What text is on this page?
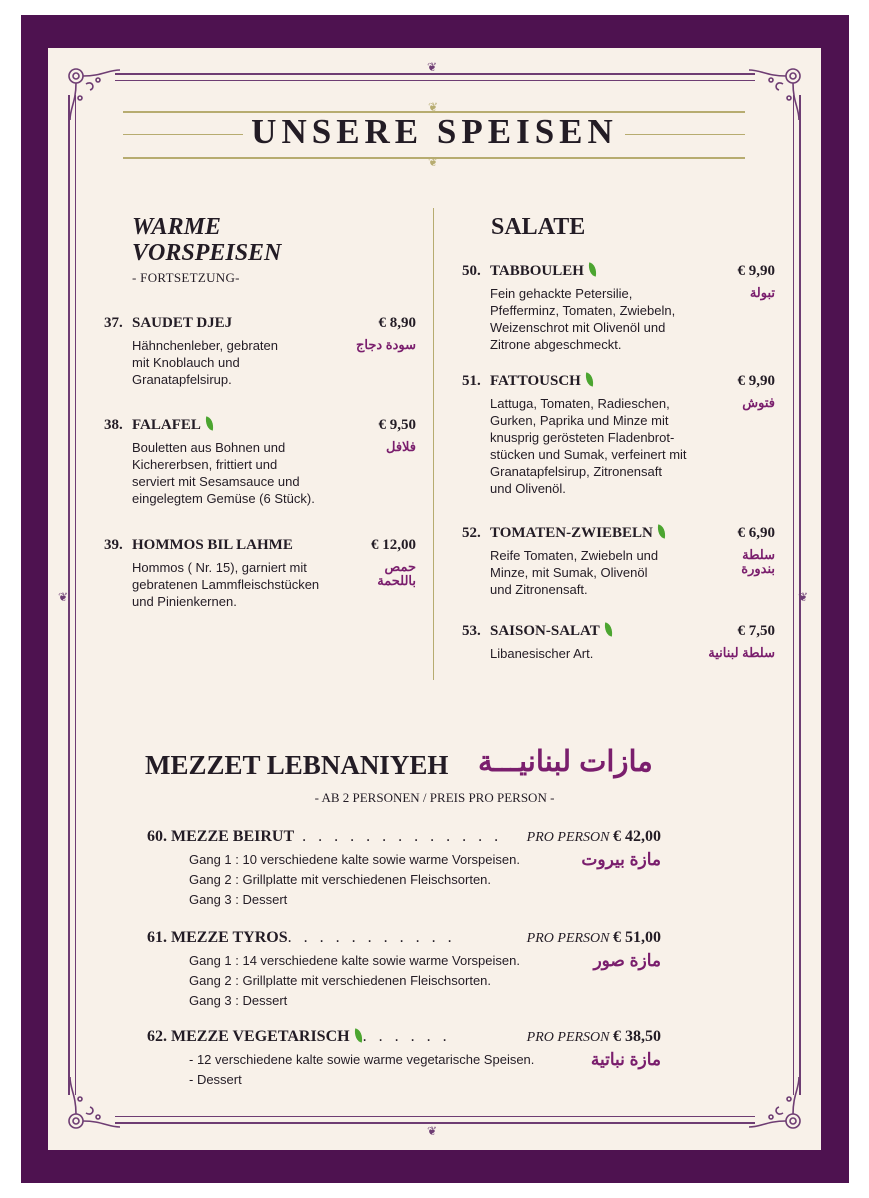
❦
❦
❦	❦
❦
❦
UNSERE SPEISEN
WARME
VORSPEISEN
- FORTSETZUNG-
37. SAUDET DJEJ	€ 8,90
سودة دجاج
Hähnchenleber, gebraten
mit Knoblauch und
Granatapfelsirup.
38. FALAFEL	€ 9,50
فلافل
Bouletten aus Bohnen und
Kichererbsen, frittiert und
serviert mit Sesamsauce und
eingelegtem Gemüse (6 Stück).
39. HOMMOS BIL LAHME	€ 12,00
حمص باللحمة
Hommos ( Nr. 15), garniert mit
gebratenen Lammfleischstücken
und Pinienkernen.
SALATE
50. TABBOULEH	€ 9,90
تبولة
Fein gehackte Petersilie,
Pfefferminz, Tomaten, Zwiebeln,
Weizenschrot mit Olivenöl und
Zitrone abgeschmeckt.
51. FATTOUSCH	€ 9,90
فتوش
Lattuga, Tomaten, Radieschen,
Gurken, Paprika und Minze mit
knusprig gerösteten Fladenbrot-
stücken und Sumak, verfeinert mit
Granatapfelsirup, Zitronensaft
und Olivenöl.
52. TOMATEN-ZWIEBELN	€ 6,90
سلطة بندورة
Reife Tomaten, Zwiebeln und
Minze, mit Sumak, Olivenöl
und Zitronensaft.
53. SAISON-SALAT	€ 7,50
سلطة لبنانية
Libanesischer Art.
MEZZET LEBNANIYEH مازات لبنانيـــة
- AB 2 PERSONEN / PREIS PRO PERSON -
60. MEZZE BEIRUT . . . . . . . . . . . . . PRO PERSON € 42,00
مازة بيروت
Gang 1 : 10 verschiedene kalte sowie warme Vorspeisen.
Gang 2 : Grillplatte mit verschiedenen Fleischsorten.
Gang 3 : Dessert
61. MEZZE TYROS. . . . . . . . . . .	PRO PERSON € 51,00
مازة صور
Gang 1 : 14 verschiedene kalte sowie warme Vorspeisen.
Gang 2 : Grillplatte mit verschiedenen Fleischsorten.
Gang 3 : Dessert
62. MEZZE VEGETARISCH . . . . . .	PRO PERSON € 38,50
مازة نباتية
- 12 verschiedene kalte sowie warme vegetarische Speisen.
- Dessert
